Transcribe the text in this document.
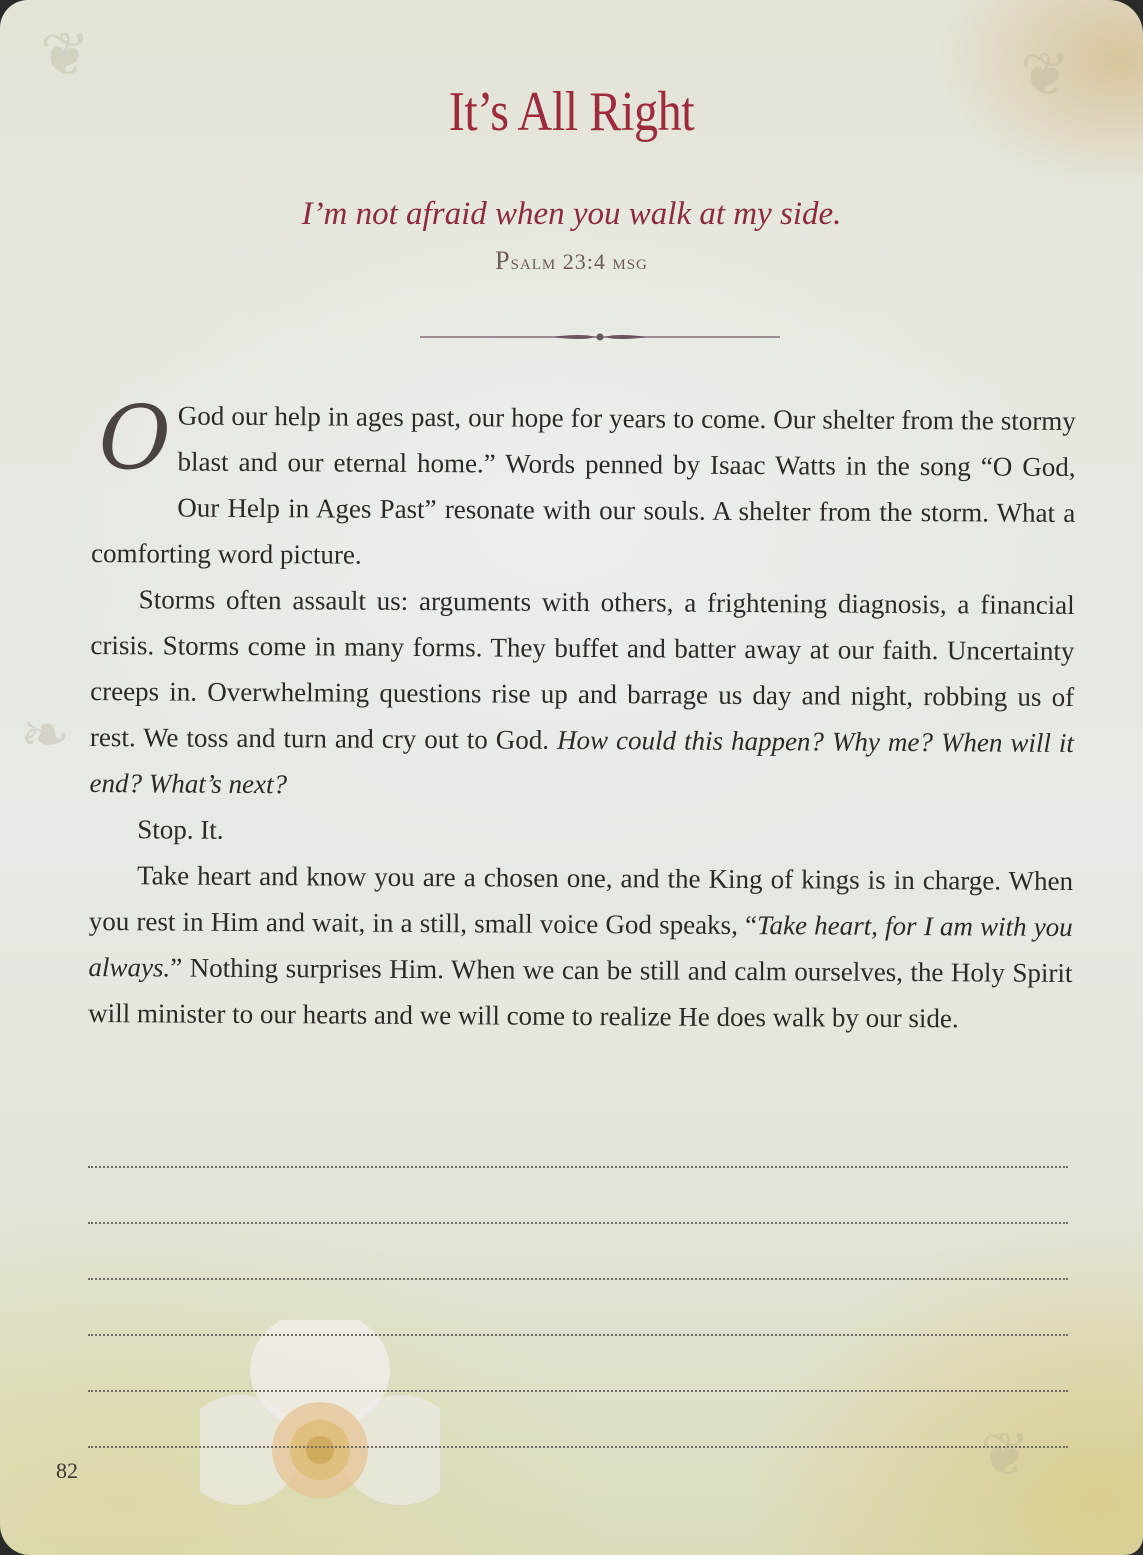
❦	❦
❧
❦
It’s All Right
I’m not afraid when you walk at my side.
Psalm 23:4 msg

O God our help in ages past, our hope for years to come. Our shelter from the stormy blast and our eternal home.” Words penned by Isaac Watts in the song “O God, Our Help in Ages Past” resonate with our souls. A shelter from the storm. What a comforting word picture.

Storms often assault us: arguments with others, a frightening diagnosis, a financial crisis. Storms come in many forms. They buffet and batter away at our faith. Uncertainty creeps in. Overwhelming questions rise up and barrage us day and night, robbing us of rest. We toss and turn and cry out to God. How could this happen? Why me? When will it end? What’s next?

Stop. It.

Take heart and know you are a chosen one, and the King of kings is in charge. When you rest in Him and wait, in a still, small voice God speaks, “Take heart, for I am with you always.” Nothing surprises Him. When we can be still and calm ourselves, the Holy Spirit will minister to our hearts and we will come to realize He does walk by our side.

82
